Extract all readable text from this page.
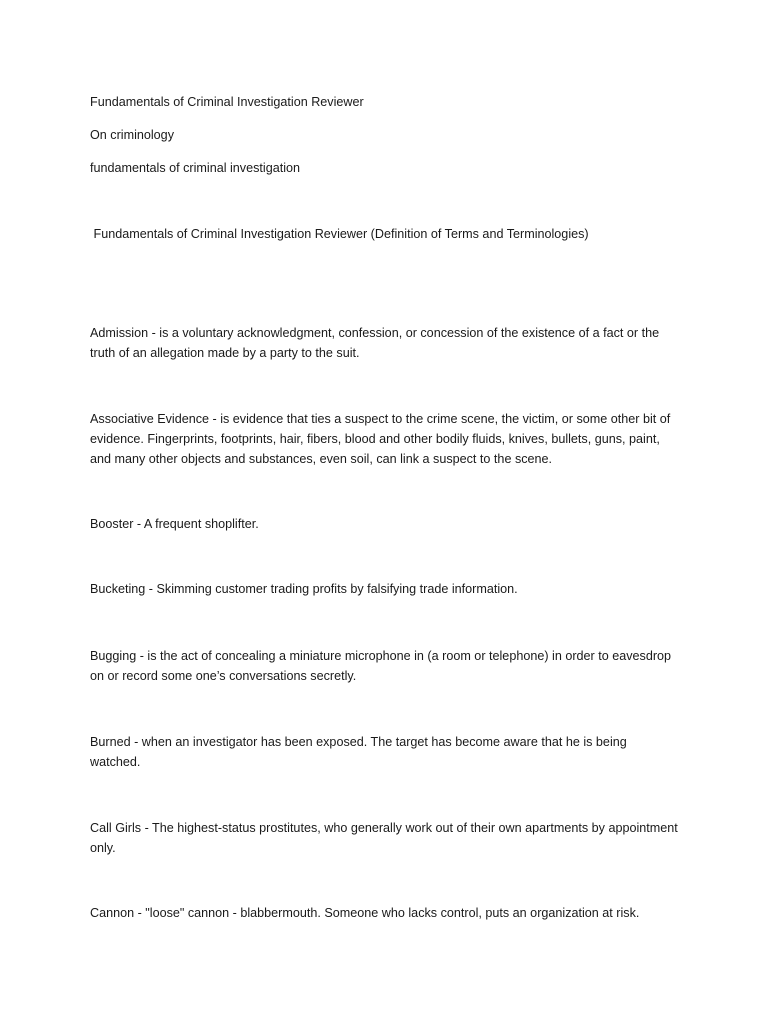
Fundamentals of Criminal Investigation Reviewer

On criminology

fundamentals of criminal investigation

Fundamentals of Criminal Investigation Reviewer (Definition of Terms and Terminologies)

Admission - is a voluntary acknowledgment, confession, or concession of the existence of a fact or the truth of an allegation made by a party to the suit.

Associative Evidence - is evidence that ties a suspect to the crime scene, the victim, or some other bit of evidence. Fingerprints, footprints, hair, fibers, blood and other bodily fluids, knives, bullets, guns, paint, and many other objects and substances, even soil, can link a suspect to the scene.

Booster - A frequent shoplifter.

Bucketing - Skimming customer trading profits by falsifying trade information.

Bugging - is the act of concealing a miniature microphone in (a room or telephone) in order to eavesdrop on or record some one’s conversations secretly.

Burned - when an investigator has been exposed. The target has become aware that he is being watched.

Call Girls - The highest-status prostitutes, who generally work out of their own apartments by appointment only.

Cannon - "loose" cannon - blabbermouth. Someone who lacks control, puts an organization at risk.
